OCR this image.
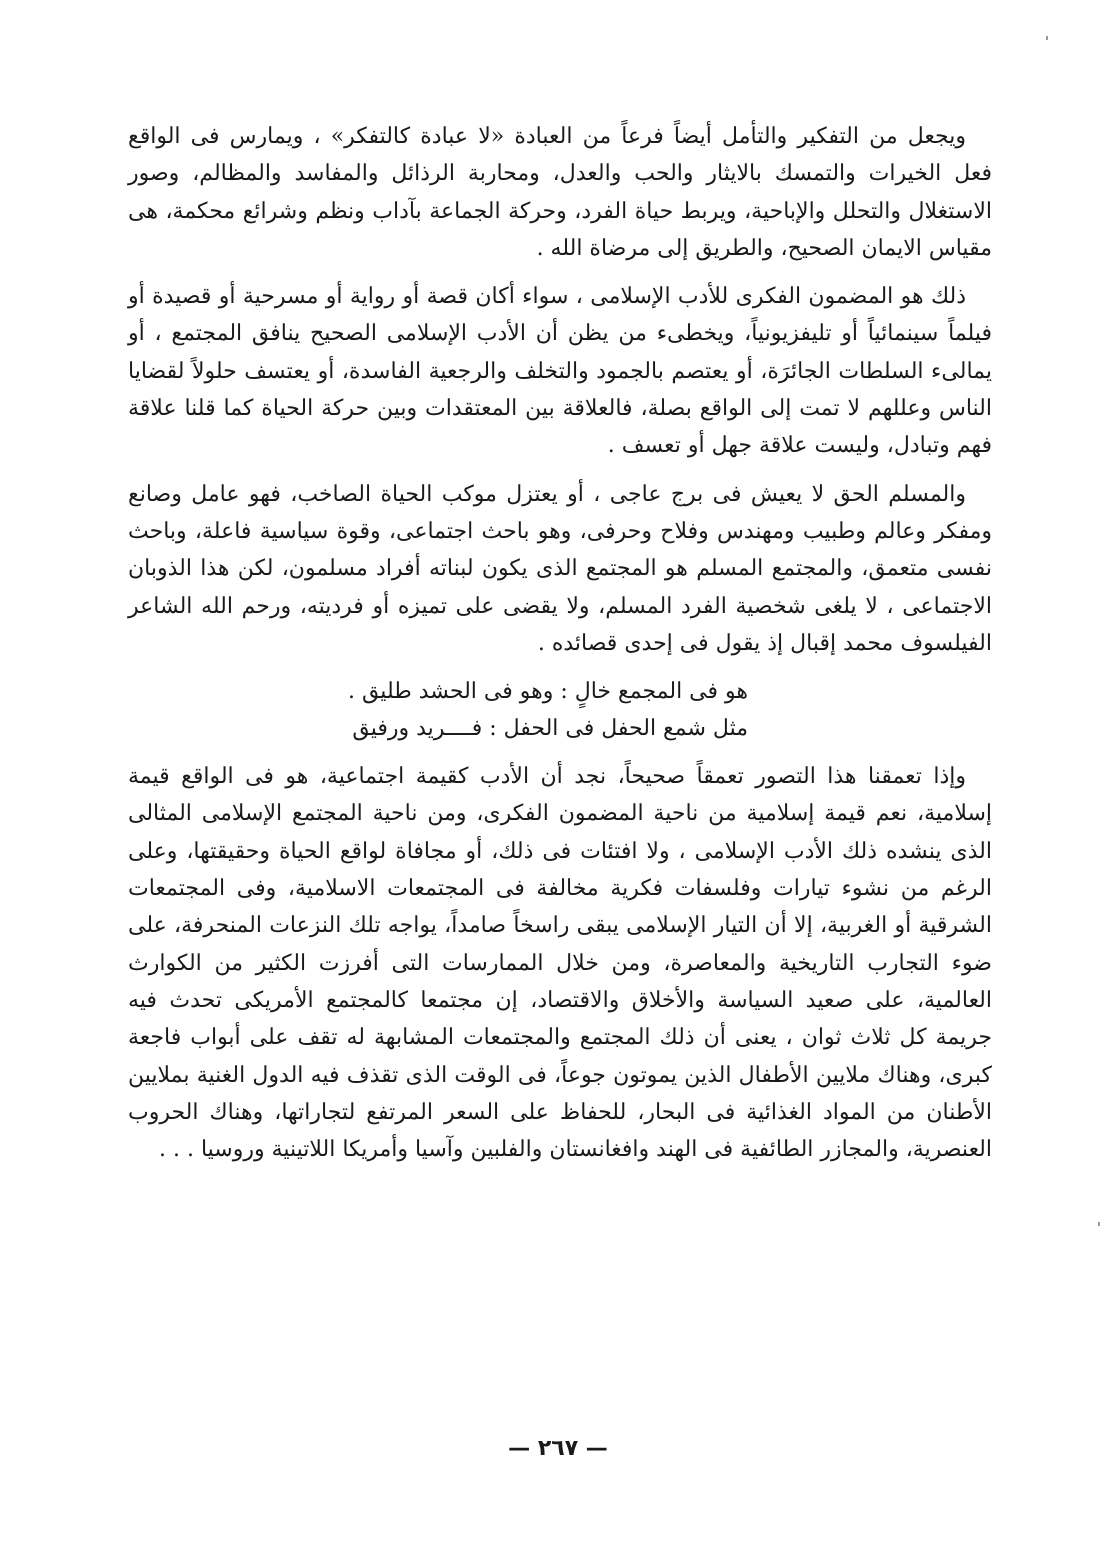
ويجعل من التفكير والتأمل أيضاً فرعاً من العبادة «لا عبادة كالتفكر» ، ويمارس فى الواقع فعل الخيرات والتمسك بالايثار والحب والعدل، ومحاربة الرذائل والمفاسد والمظالم، وصور الاستغلال والتحلل والإباحية، ويربط حياة الفرد، وحركة الجماعة بآداب ونظم وشرائع محكمة، هى مقياس الايمان الصحيح، والطريق إلى مرضاة الله .

ذلك هو المضمون الفكرى للأدب الإسلامى ، سواء أكان قصة أو رواية أو مسرحية أو قصيدة أو فيلماً سينمائياً أو تليفزيونياً، ويخطىء من يظن أن الأدب الإسلامى الصحيح ينافق المجتمع ، أو يمالىء السلطات الجائرَة، أو يعتصم بالجمود والتخلف والرجعية الفاسدة، أو يعتسف حلولاً لقضايا الناس وعللهم لا تمت إلى الواقع بصلة، فالعلاقة بين المعتقدات وبين حركة الحياة كما قلنا علاقة فهم وتبادل، وليست علاقة جهل أو تعسف .

والمسلم الحق لا يعيش فى برج عاجى ، أو يعتزل موكب الحياة الصاخب، فهو عامل وصانع ومفكر وعالم وطبيب ومهندس وفلاح وحرفى، وهو باحث اجتماعى، وقوة سياسية فاعلة، وباحث نفسى متعمق، والمجتمع المسلم هو المجتمع الذى يكون لبناته أفراد مسلمون، لكن هذا الذوبان الاجتماعى ، لا يلغى شخصية الفرد المسلم، ولا يقضى على تميزه أو فرديته، ورحم الله الشاعر الفيلسوف محمد إقبال إذ يقول فى إحدى قصائده .

هو فى المجمع خالٍ : وهو فى الحشد طليق .

مثل شمع الحفل فى الحفل : فــــريد ورفيق

وإذا تعمقنا هذا التصور تعمقاً صحيحاً، نجد أن الأدب كقيمة اجتماعية، هو فى الواقع قيمة إسلامية، نعم قيمة إسلامية من ناحية المضمون الفكرى، ومن ناحية المجتمع الإسلامى المثالى الذى ينشده ذلك الأدب الإسلامى ، ولا افتئات فى ذلك، أو مجافاة لواقع الحياة وحقيقتها، وعلى الرغم من نشوء تيارات وفلسفات فكرية مخالفة فى المجتمعات الاسلامية، وفى المجتمعات الشرقية أو الغربية، إلا أن التيار الإسلامى يبقى راسخاً صامداً، يواجه تلك النزعات المنحرفة، على ضوء التجارب التاريخية والمعاصرة، ومن خلال الممارسات التى أفرزت الكثير من الكوارث العالمية، على صعيد السياسة والأخلاق والاقتصاد، إن مجتمعا كالمجتمع الأمريكى تحدث فيه جريمة كل ثلاث ثوان ، يعنى أن ذلك المجتمع والمجتمعات المشابهة له تقف على أبواب فاجعة كبرى، وهناك ملايين الأطفال الذين يموتون جوعاً، فى الوقت الذى تقذف فيه الدول الغنية بملايين الأطنان من المواد الغذائية فى البحار، للحفاظ على السعر المرتفع لتجاراتها، وهناك الحروب العنصرية، والمجازر الطائفية فى الهند وافغانستان والفلبين وآسيا وأمريكا اللاتينية وروسيا . . .

— ٢٦٧ —
